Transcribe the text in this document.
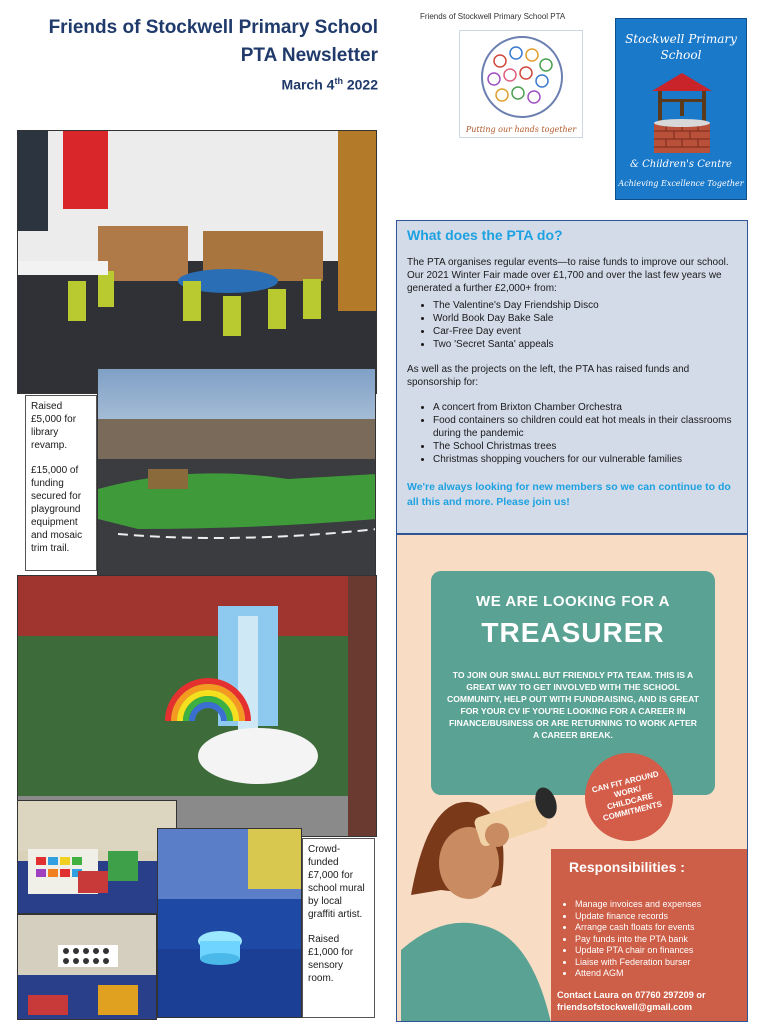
Friends of Stockwell Primary School
PTA Newsletter
March 4th 2022
Friends of Stockwell Primary School PTA
Putting our hands together
Stockwell Primary
School
& Children's Centre
Achieving Excellence Together

Raised £5,000 for library revamp.

£15,000 of funding secured for playground equipment and mosaic trim trail.

Crowd-funded £7,000 for school mural by local graffiti artist.

Raised £1,000 for sensory room.

What does the PTA do?

The PTA organises regular events—to raise funds to improve our school. Our 2021 Winter Fair made over £1,700 and over the last few years we generated a further £2,000+ from:

• The Valentine's Day Friendship Disco
• World Book Day Bake Sale
• Car-Free Day event
• Two 'Secret Santa' appeals

As well as the projects on the left, the PTA has raised funds and sponsorship for:

• A concert from Brixton Chamber Orchestra
• Food containers so children could eat hot meals in their classrooms during the pandemic
• The School Christmas trees
• Christmas shopping vouchers for our vulnerable families
We're always looking for new members so we can continue to do all this and more. Please join us!
WE ARE LOOKING FOR A
TREASURER
TO JOIN OUR SMALL BUT FRIENDLY PTA TEAM. THIS IS A GREAT WAY TO GET INVOLVED WITH THE SCHOOL COMMUNITY, HELP OUT WITH FUNDRAISING, AND IS GREAT FOR YOUR CV IF YOU'RE LOOKING FOR A CAREER IN FINANCE/BUSINESS OR ARE RETURNING TO WORK AFTER A CAREER BREAK.
CAN FIT AROUND WORK/ CHILDCARE COMMITMENTS
Responsibilities :
• Manage invoices and expenses
• Update finance records
• Arrange cash floats for events
• Pay funds into the PTA bank
• Update PTA chair on finances
• Liaise with Federation burser
• Attend AGM
Contact Laura on 07760 297209 or
friendsofstockwell@gmail.com
